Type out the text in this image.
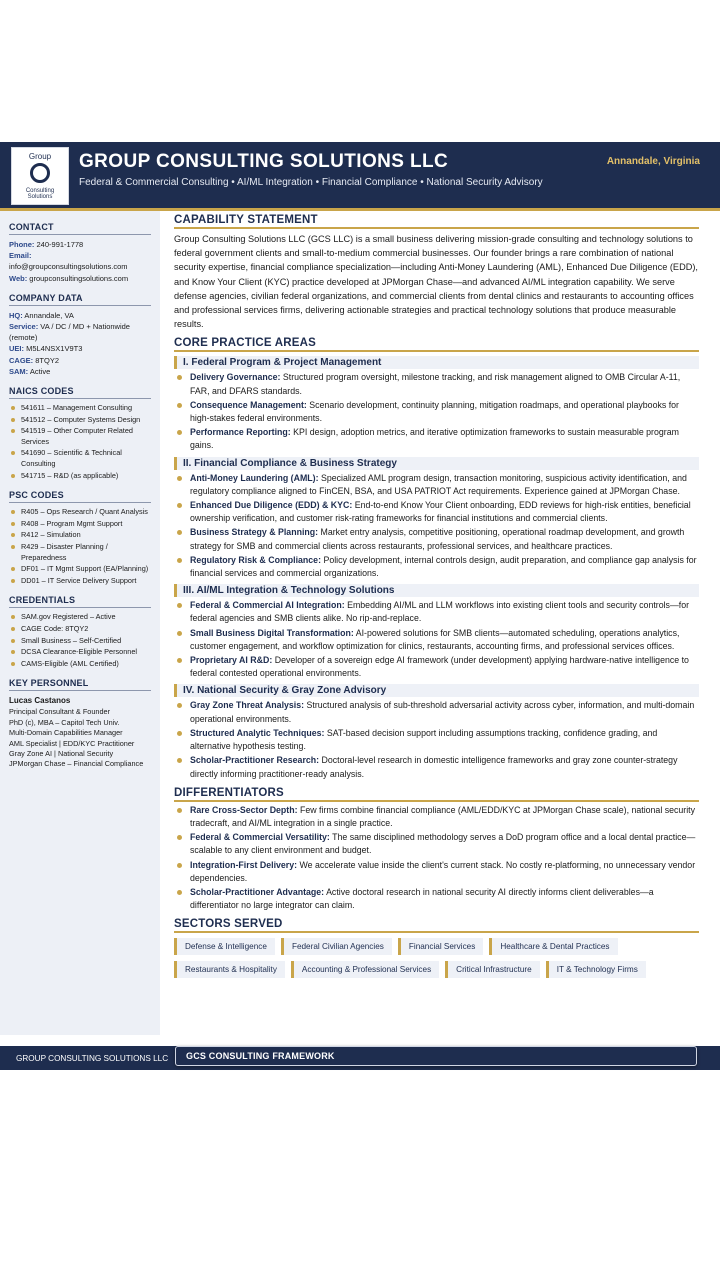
Group
Consulting Solutions
GROUP CONSULTING SOLUTIONS LLC
Federal & Commercial Consulting • AI/ML Integration • Financial Compliance • National Security Advisory
Annandale, Virginia
CONTACT
Phone: 240-991-1778
Email:
info@groupconsultingsolutions.com
Web: groupconsultingsolutions.com
COMPANY DATA
HQ: Annandale, VA
Service: VA / DC / MD + Nationwide (remote)
UEI: M5L4NSX1V9T3
CAGE: 8TQY2
SAM: Active
NAICS CODES
541611 – Management Consulting
541512 – Computer Systems Design
541519 – Other Computer Related Services
541690 – Scientific & Technical Consulting
541715 – R&D (as applicable)
PSC CODES
R405 – Ops Research / Quant Analysis
R408 – Program Mgmt Support
R412 – Simulation
R429 – Disaster Planning / Preparedness
DF01 – IT Mgmt Support (EA/Planning)
DD01 – IT Service Delivery Support
CREDENTIALS
SAM.gov Registered – Active
CAGE Code: 8TQY2
Small Business – Self-Certified
DCSA Clearance-Eligible Personnel
CAMS-Eligible (AML Certified)
KEY PERSONNEL
Lucas Castanos
Principal Consultant & Founder
PhD (c), MBA – Capitol Tech Univ.
Multi-Domain Capabilities Manager
AML Specialist | EDD/KYC Practitioner
Gray Zone AI | National Security
JPMorgan Chase – Financial Compliance
CAPABILITY STATEMENT

Group Consulting Solutions LLC (GCS LLC) is a small business delivering mission-grade consulting and technology solutions to federal government clients and small-to-medium commercial businesses. Our founder brings a rare combination of national security expertise, financial compliance specialization—including Anti-Money Laundering (AML), Enhanced Due Diligence (EDD), and Know Your Client (KYC) practice developed at JPMorgan Chase—and advanced AI/ML integration capability. We serve defense agencies, civilian federal organizations, and commercial clients from dental clinics and restaurants to accounting offices and professional services firms, delivering actionable strategies and practical technology solutions that produce measurable results.

CORE PRACTICE AREAS
I. Federal Program & Project Management
Delivery Governance: Structured program oversight, milestone tracking, and risk management aligned to OMB Circular A-11, FAR, and DFARS standards.
Consequence Management: Scenario development, continuity planning, mitigation roadmaps, and operational playbooks for high-stakes federal environments.
Performance Reporting: KPI design, adoption metrics, and iterative optimization frameworks to sustain measurable program gains.
II. Financial Compliance & Business Strategy
Anti-Money Laundering (AML): Specialized AML program design, transaction monitoring, suspicious activity identification, and regulatory compliance aligned to FinCEN, BSA, and USA PATRIOT Act requirements. Experience gained at JPMorgan Chase.
Enhanced Due Diligence (EDD) & KYC: End-to-end Know Your Client onboarding, EDD reviews for high-risk entities, beneficial ownership verification, and customer risk-rating frameworks for financial institutions and commercial clients.
Business Strategy & Planning: Market entry analysis, competitive positioning, operational roadmap development, and growth strategy for SMB and commercial clients across restaurants, professional services, and healthcare practices.
Regulatory Risk & Compliance: Policy development, internal controls design, audit preparation, and compliance gap analysis for financial services and commercial organizations.
III. AI/ML Integration & Technology Solutions
Federal & Commercial AI Integration: Embedding AI/ML and LLM workflows into existing client tools and security controls—for federal agencies and SMB clients alike. No rip-and-replace.
Small Business Digital Transformation: AI-powered solutions for SMB clients—automated scheduling, operations analytics, customer engagement, and workflow optimization for clinics, restaurants, accounting firms, and professional services offices.
Proprietary AI R&D: Developer of a sovereign edge AI framework (under development) applying hardware-native intelligence to federal contested operational environments.
IV. National Security & Gray Zone Advisory
Gray Zone Threat Analysis: Structured analysis of sub-threshold adversarial activity across cyber, information, and multi-domain operational environments.
Structured Analytic Techniques: SAT-based decision support including assumptions tracking, confidence grading, and alternative hypothesis testing.
Scholar-Practitioner Research: Doctoral-level research in domestic intelligence frameworks and gray zone counter-strategy directly informing practitioner-ready analysis.
DIFFERENTIATORS
Rare Cross-Sector Depth: Few firms combine financial compliance (AML/EDD/KYC at JPMorgan Chase scale), national security tradecraft, and AI/ML integration in a single practice.
Federal & Commercial Versatility: The same disciplined methodology serves a DoD program office and a local dental practice—scalable to any client environment and budget.
Integration-First Delivery: We accelerate value inside the client's current stack. No costly re-platforming, no unnecessary vendor dependencies.
Scholar-Practitioner Advantage: Active doctoral research in national security AI directly informs client deliverables—a differentiator no large integrator can claim.
SECTORS SERVED
Defense & Intelligence	Federal Civilian Agencies	Financial Services	Healthcare & Dental Practices
Restaurants & Hospitality	Accounting & Professional Services	Critical Infrastructure	IT & Technology Firms
GROUP CONSULTING SOLUTIONS LLC GCS CONSULTING FRAMEWORK
